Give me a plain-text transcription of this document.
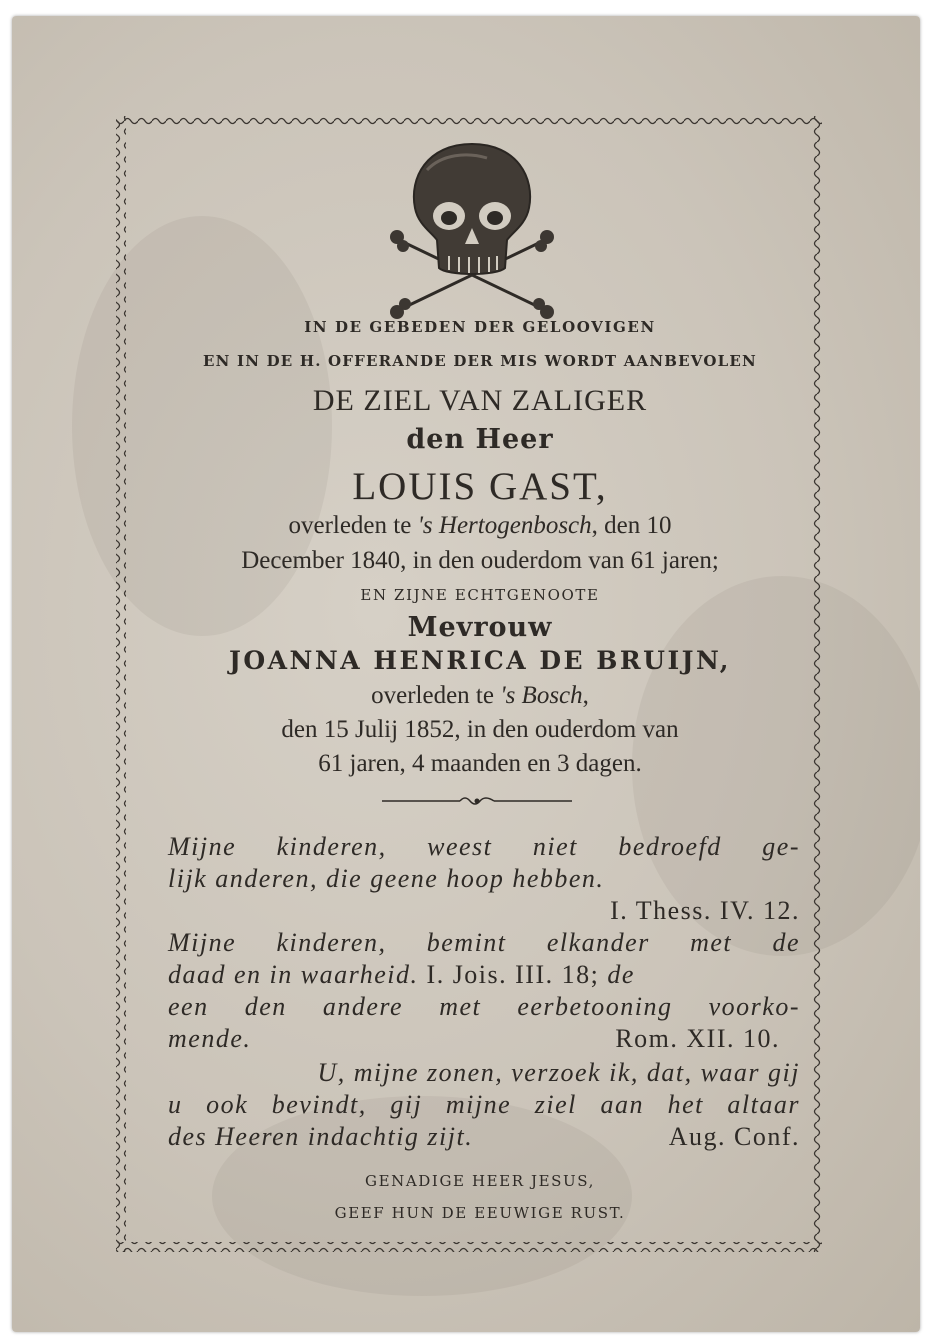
IN DE GEBEDEN DER GELOOVIGEN
EN IN DE H. OFFERANDE DER MIS WORDT AANBEVOLEN
DE ZIEL VAN ZALIGER
den Heer
LOUIS GAST,
overleden te 's Hertogenbosch, den 10
December 1840, in den ouderdom van 61 jaren;
EN ZIJNE ECHTGENOOTE
Mevrouw
JOANNA HENRICA DE BRUIJN,
overleden te 's Bosch,
den 15 Julij 1852, in den ouderdom van
61 jaren, 4 maanden en 3 dagen.
Mijne kinderen, weest niet bedroefd ge-
lijk anderen, die geene hoop hebben.
I. Thess. IV. 12.
Mijne kinderen, bemint elkander met de
daad en in waarheid. I. Jois. III. 18; de
een den andere met eerbetooning voorko-
mende.	Rom. XII. 10.
U, mijne zonen, verzoek ik, dat, waar gij
u ook bevindt, gij mijne ziel aan het altaar
des Heeren indachtig zijt.	Aug. Conf.
GENADIGE HEER JESUS,
GEEF HUN DE EEUWIGE RUST.
